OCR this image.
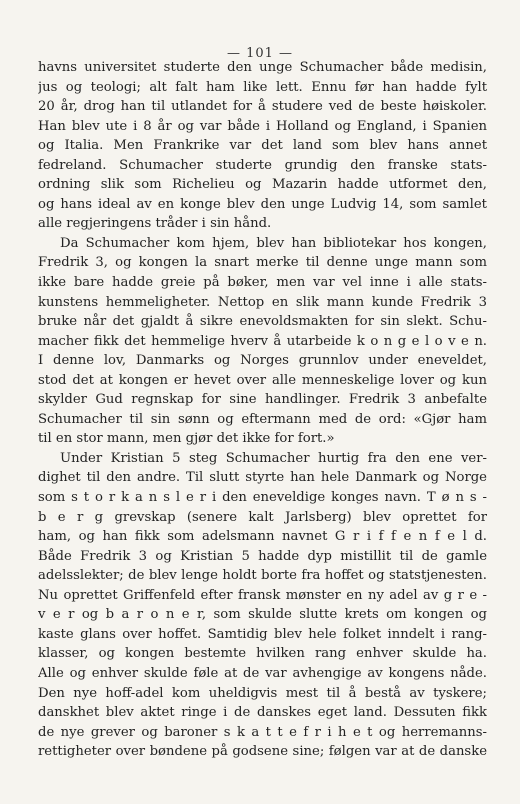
— 101 —
havns universitet studerte den unge Schumacher både medisin,
jus og teologi; alt falt ham like lett. Ennu før han hadde fylt
20 år, drog han til utlandet for å studere ved de beste høiskoler.
Han blev ute i 8 år og var både i Holland og England, i Spanien
og Italia. Men Frankrike var det land som blev hans annet
fedreland. Schumacher studerte grundig den franske stats-
ordning slik som Richelieu og Mazarin hadde utformet den,
og hans ideal av en konge blev den unge Ludvig 14, som samlet
alle regjeringens tråder i sin hånd.
Da Schumacher kom hjem, blev han bibliotekar hos kongen,
Fredrik 3, og kongen la snart merke til denne unge mann som
ikke bare hadde greie på bøker, men var vel inne i alle stats-
kunstens hemmeligheter. Nettop en slik mann kunde Fredrik 3
bruke når det gjaldt å sikre enevoldsmakten for sin slekt. Schu-
macher fikk det hemmelige hverv å utarbeide k o n g e l o v e n.
I denne lov, Danmarks og Norges grunnlov under eneveldet,
stod det at kongen er hevet over alle menneskelige lover og kun
skylder Gud regnskap for sine handlinger. Fredrik 3 anbefalte
Schumacher til sin sønn og eftermann med de ord: «Gjør ham
til en stor mann, men gjør det ikke for fort.»
Under Kristian 5 steg Schumacher hurtig fra den ene ver-
dighet til den andre. Til slutt styrte han hele Danmark og Norge
som s t o r k a n s l e r i den eneveldige konges navn. T ø n s -
b e r g grevskap (senere kalt Jarlsberg) blev oprettet for
ham, og han fikk som adelsmann navnet G r i f f e n f e l d.
Både Fredrik 3 og Kristian 5 hadde dyp mistillit til de gamle
adelsslekter; de blev lenge holdt borte fra hoffet og statstjenesten.
Nu oprettet Griffenfeld efter fransk mønster en ny adel av g r e -
v e r og b a r o n e r, som skulde slutte krets om kongen og
kaste glans over hoffet. Samtidig blev hele folket inndelt i rang-
klasser, og kongen bestemte hvilken rang enhver skulde ha.
Alle og enhver skulde føle at de var avhengige av kongens nåde.
Den nye hoff-adel kom uheldigvis mest til å bestå av tyskere;
danskhet blev aktet ringe i de danskes eget land. Dessuten fikk
de nye grever og baroner s k a t t e f r i h e t og herremanns-
rettigheter over bøndene på godsene sine; følgen var at de danske
